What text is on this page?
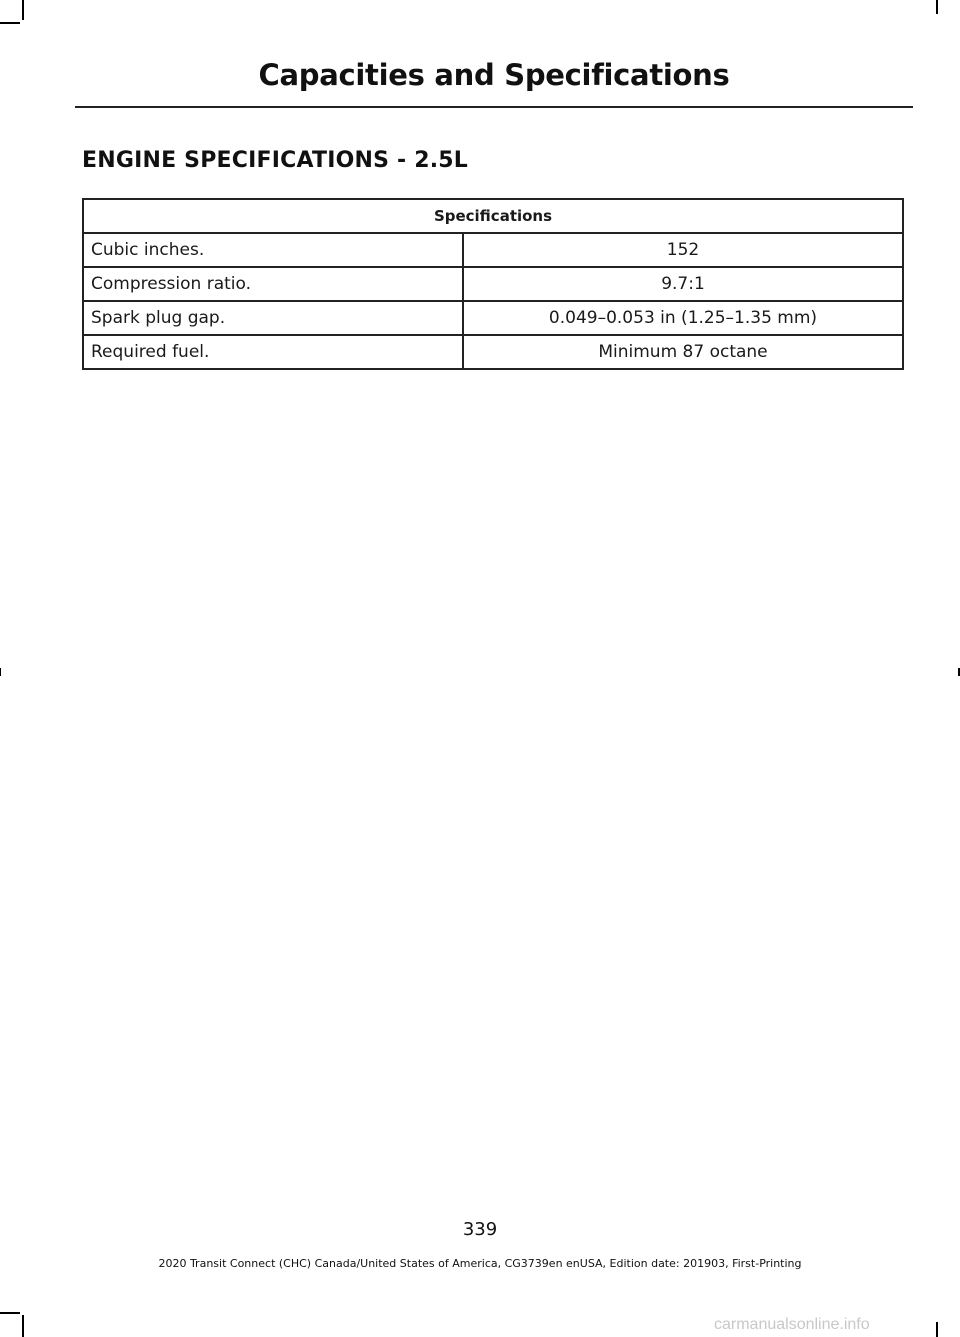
Capacities and Specifications
ENGINE SPECIFICATIONS - 2.5L
Specifications	
Cubic inches.	152
Compression ratio.	9.7:1
Spark plug gap.	0.049–0.053 in (1.25–1.35 mm)
Required fuel.	Minimum 87 octane
339
2020 Transit Connect (CHC) Canada/United States of America, CG3739en enUSA, Edition date: 201903, First-Printing
carmanualsonline.info
